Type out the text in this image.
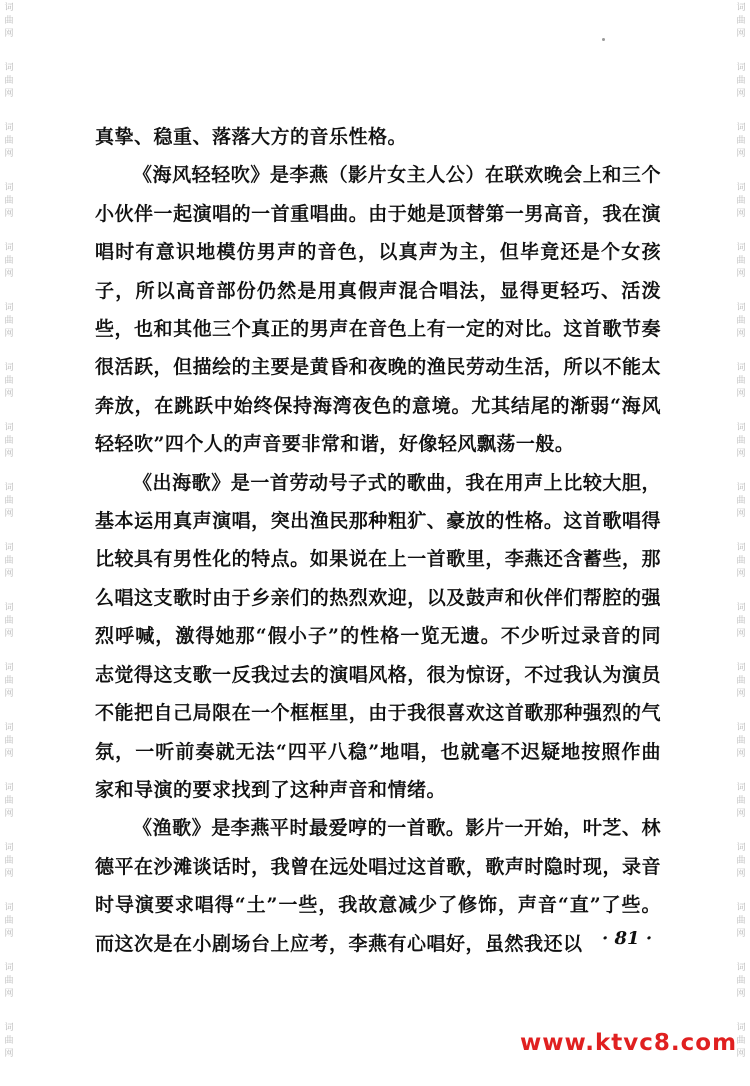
词曲网
词曲网
词曲网
词曲网
词曲网
词曲网
词曲网
词曲网
词曲网
词曲网
词曲网
词曲网
词曲网
词曲网
词曲网
词曲网
词曲网
词曲网
词曲网
词曲网
词曲网
词曲网
词曲网
词曲网
词曲网
词曲网
词曲网
词曲网
词曲网
词曲网
词曲网
词曲网
词曲网
词曲网
词曲网
词曲网

真挚、稳重、落落大方的音乐性格。

《海风轻轻吹》是李燕（影片女主人公）在联欢晚会上和三个小伙伴一起演唱的一首重唱曲。由于她是顶替第一男高音，我在演唱时有意识地模仿男声的音色，以真声为主，但毕竟还是个女孩子，所以高音部份仍然是用真假声混合唱法，显得更轻巧、活泼些，也和其他三个真正的男声在音色上有一定的对比。这首歌节奏很活跃，但描绘的主要是黄昏和夜晚的渔民劳动生活，所以不能太奔放，在跳跃中始终保持海湾夜色的意境。尤其结尾的渐弱“海风轻轻吹”四个人的声音要非常和谐，好像轻风飘荡一般。

《出海歌》是一首劳动号子式的歌曲，我在用声上比较大胆，基本运用真声演唱，突出渔民那种粗犷、豪放的性格。这首歌唱得比较具有男性化的特点。如果说在上一首歌里，李燕还含蓄些，那么唱这支歌时由于乡亲们的热烈欢迎，以及鼓声和伙伴们帮腔的强烈呼喊，激得她那“假小子”的性格一览无遗。不少听过录音的同志觉得这支歌一反我过去的演唱风格，很为惊讶，不过我认为演员不能把自己局限在一个框框里，由于我很喜欢这首歌那种强烈的气氛，一听前奏就无法“四平八稳”地唱，也就毫不迟疑地按照作曲家和导演的要求找到了这种声音和情绪。

《渔歌》是李燕平时最爱哼的一首歌。影片一开始，叶芝、林德平在沙滩谈话时，我曾在远处唱过这首歌，歌声时隐时现，录音时导演要求唱得“土”一些，我故意减少了修饰，声音“直”了些。而这次是在小剧场台上应考，李燕有心唱好，虽然我还以	· 81 ·
www.ktvc8.com
